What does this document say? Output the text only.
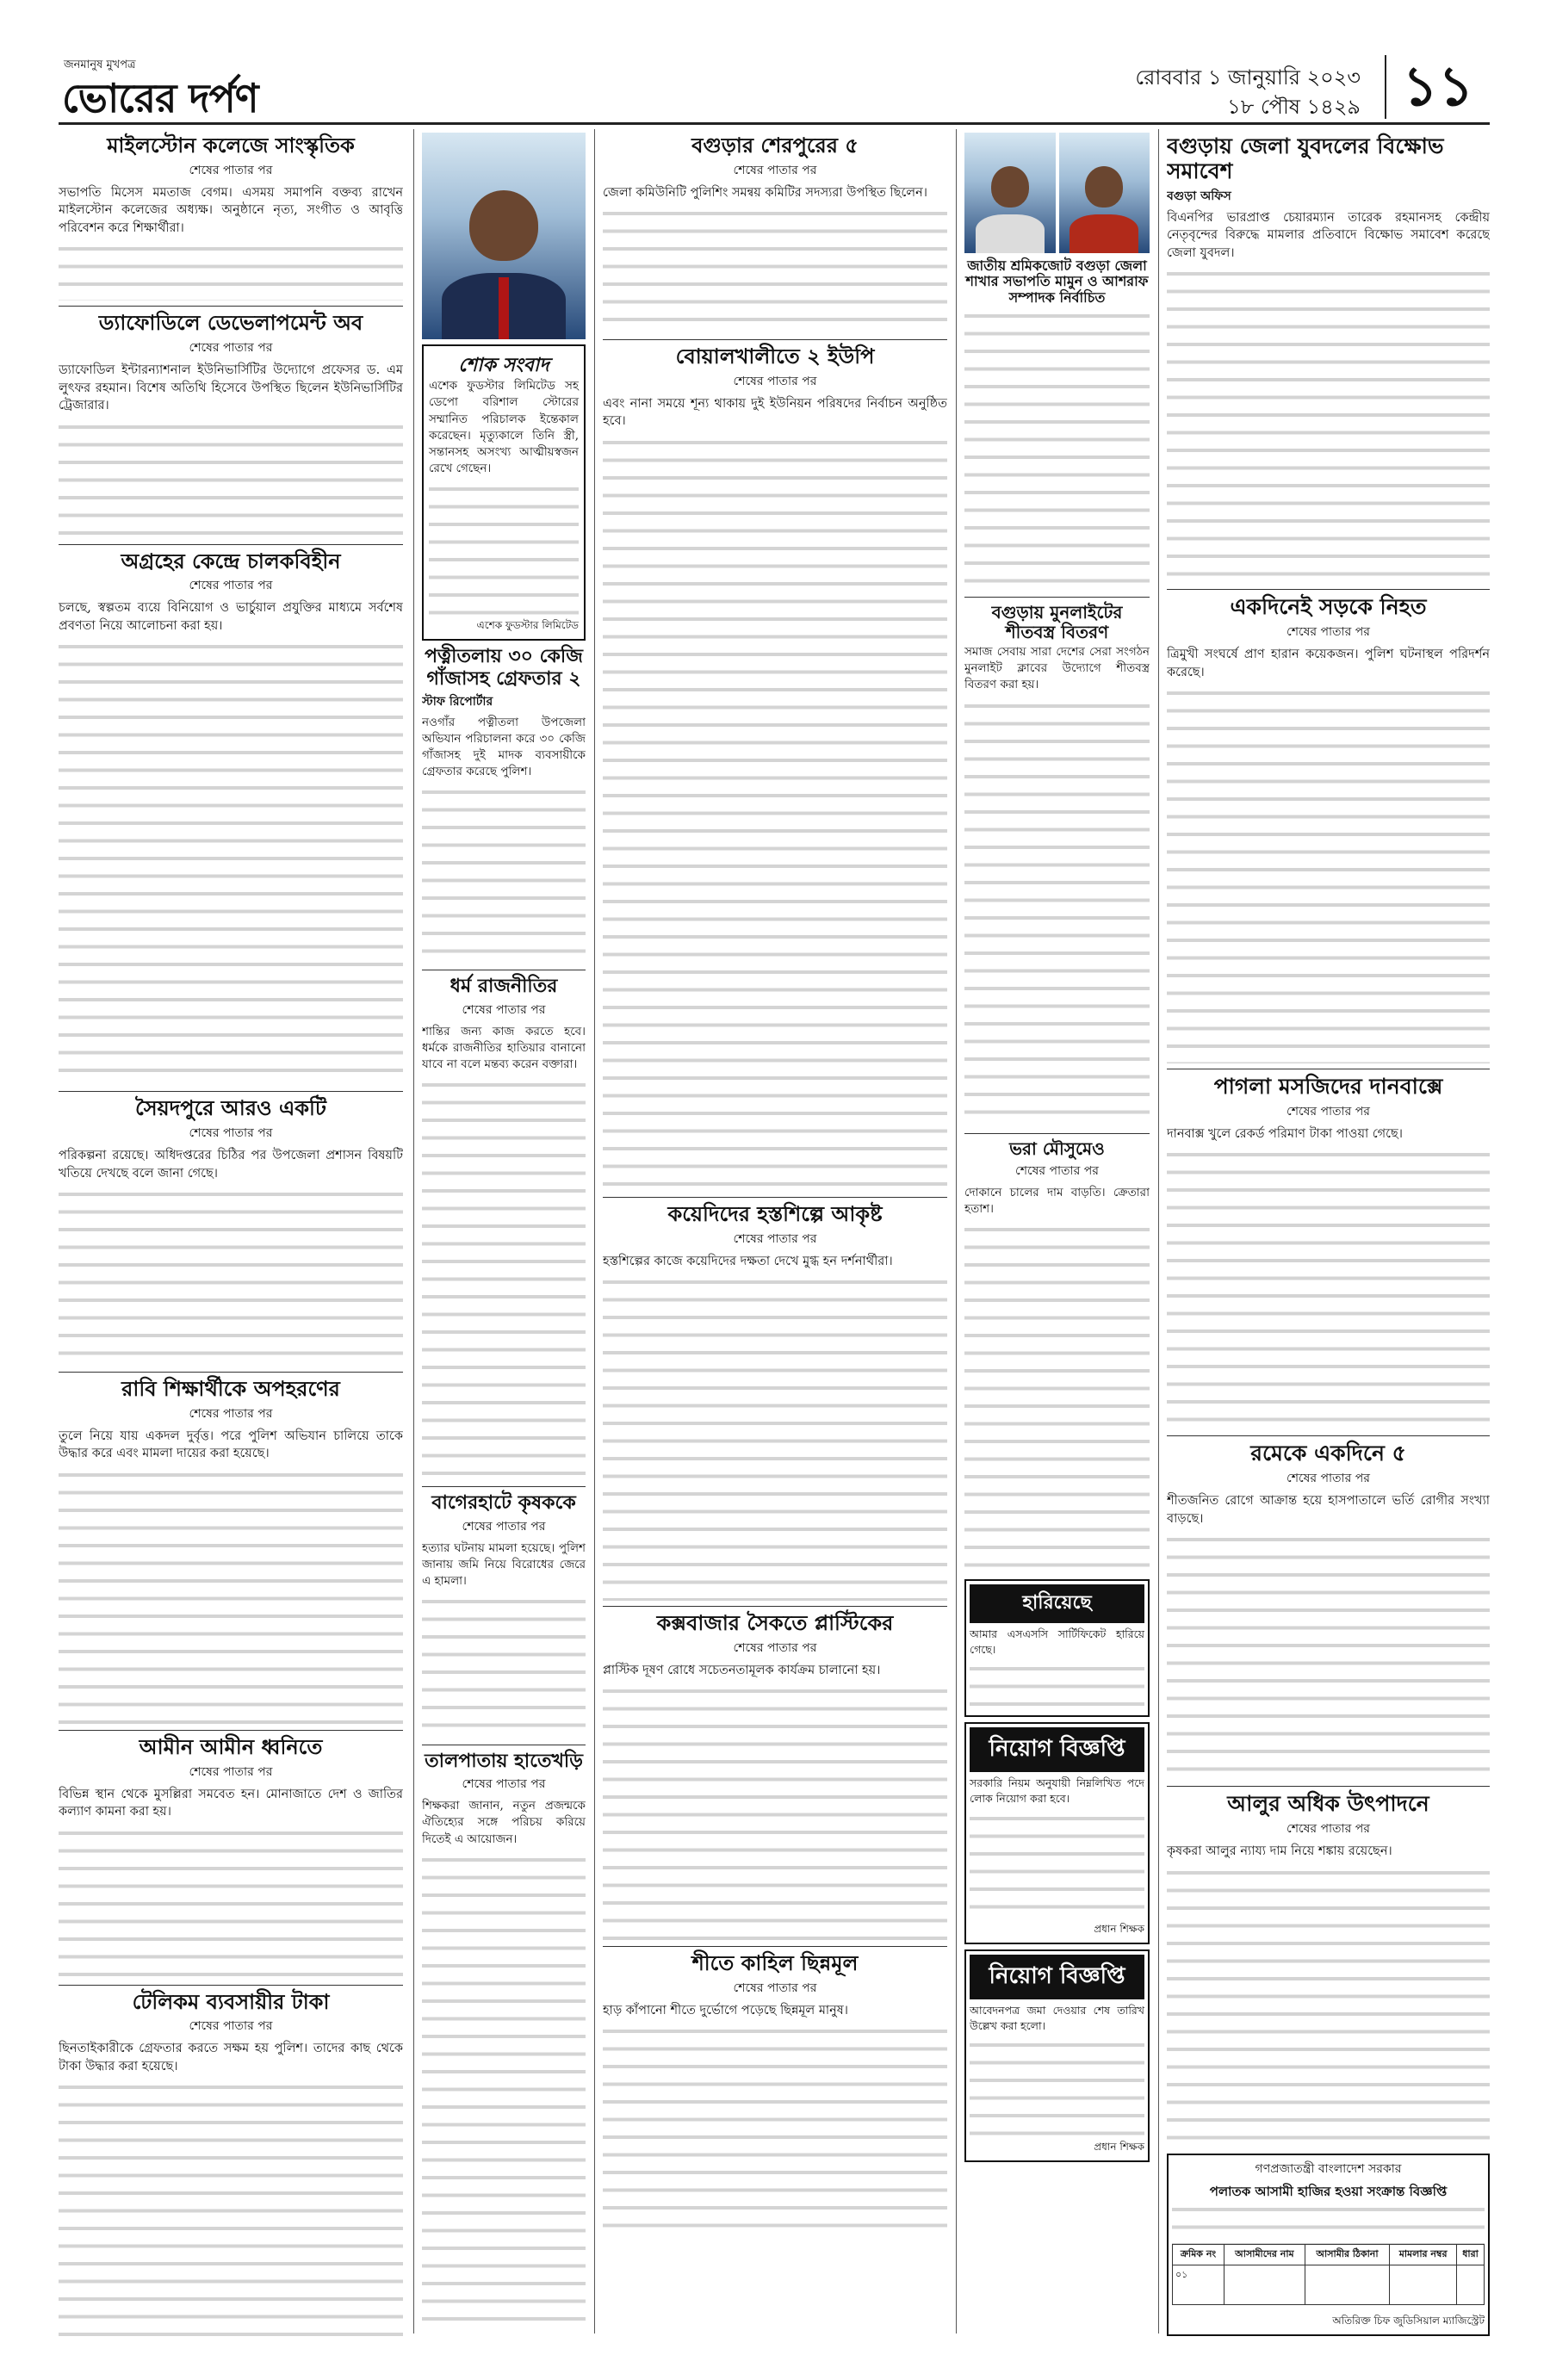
জনমানুষ মুখপত্র
ভোরের দর্পণ	রোববার ১ জানুয়ারি ২০২৩
১৮ পৌষ ১৪২৯ ১১
মাইলস্টোন কলেজে সাংস্কৃতিক
শেষের পাতার পর
সভাপতি মিসেস মমতাজ বেগম। এসময় সমাপনি বক্তব্য রাখেন মাইলস্টোন কলেজের অধ্যক্ষ। অনুষ্ঠানে নৃত্য, সংগীত ও আবৃত্তি পরিবেশন করে শিক্ষার্থীরা।
ড্যাফোডিলে ডেভেলাপমেন্ট অব
শেষের পাতার পর
ড্যাফোডিল ইন্টারন্যাশনাল ইউনিভার্সিটির উদ্যোগে প্রফেসর ড. এম লুৎফর রহমান। বিশেষ অতিথি হিসেবে উপস্থিত ছিলেন ইউনিভার্সিটির ট্রেজারার।
অগ্রহের কেন্দ্রে চালকবিহীন
শেষের পাতার পর
চলছে, স্বল্পতম ব্যয়ে বিনিয়োগ ও ভার্চুয়াল প্রযুক্তির মাধ্যমে সর্বশেষ প্রবণতা নিয়ে আলোচনা করা হয়।
সৈয়দপুরে আরও একটি
শেষের পাতার পর
পরিকল্পনা রয়েছে। অধিদপ্তরের চিঠির পর উপজেলা প্রশাসন বিষয়টি খতিয়ে দেখছে বলে জানা গেছে।
রাবি শিক্ষার্থীকে অপহরণের
শেষের পাতার পর
তুলে নিয়ে যায় একদল দুর্বৃত্ত। পরে পুলিশ অভিযান চালিয়ে তাকে উদ্ধার করে এবং মামলা দায়ের করা হয়েছে।
আমীন আমীন ধ্বনিতে
শেষের পাতার পর
বিভিন্ন স্থান থেকে মুসল্লিরা সমবেত হন। মোনাজাতে দেশ ও জাতির কল্যাণ কামনা করা হয়।
টেলিকম ব্যবসায়ীর টাকা
শেষের পাতার পর
ছিনতাইকারীকে গ্রেফতার করতে সক্ষম হয় পুলিশ। তাদের কাছ থেকে টাকা উদ্ধার করা হয়েছে।
শোক সংবাদ
এশেক ফুডস্টার লিমিটেড সহ ডেপো বরিশাল স্টোরের সম্মানিত পরিচালক ইন্তেকাল করেছেন। মৃত্যুকালে তিনি স্ত্রী, সন্তানসহ অসংখ্য আত্মীয়স্বজন রেখে গেছেন।
এশেক ফুডস্টার লিমিটেড
পত্নীতলায় ৩০ কেজি গাঁজাসহ গ্রেফতার ২
স্টাফ রিপোর্টার
নওগাঁর পত্নীতলা উপজেলা অভিযান পরিচালনা করে ৩০ কেজি গাঁজাসহ দুই মাদক ব্যবসায়ীকে গ্রেফতার করেছে পুলিশ।
ধর্ম রাজনীতির
শেষের পাতার পর
শান্তির জন্য কাজ করতে হবে। ধর্মকে রাজনীতির হাতিয়ার বানানো যাবে না বলে মন্তব্য করেন বক্তারা।
বাগেরহাটে কৃষককে
শেষের পাতার পর
হত্যার ঘটনায় মামলা হয়েছে। পুলিশ জানায় জমি নিয়ে বিরোধের জেরে এ হামলা।
তালপাতায় হাতেখড়ি
শেষের পাতার পর
শিক্ষকরা জানান, নতুন প্রজন্মকে ঐতিহ্যের সঙ্গে পরিচয় করিয়ে দিতেই এ আয়োজন।
বগুড়ার শেরপুরের ৫
শেষের পাতার পর
জেলা কমিউনিটি পুলিশিং সমন্বয় কমিটির সদস্যরা উপস্থিত ছিলেন।
বোয়ালখালীতে ২ ইউপি
শেষের পাতার পর
এবং নানা সময়ে শূন্য থাকায় দুই ইউনিয়ন পরিষদের নির্বাচন অনুষ্ঠিত হবে।
কয়েদিদের হস্তশিল্পে আকৃষ্ট
শেষের পাতার পর
হস্তশিল্পের কাজে কয়েদিদের দক্ষতা দেখে মুগ্ধ হন দর্শনার্থীরা।
কক্সবাজার সৈকতে প্লাস্টিকের
শেষের পাতার পর
প্লাস্টিক দূষণ রোধে সচেতনতামূলক কার্যক্রম চালানো হয়।
শীতে কাহিল ছিন্নমূল
শেষের পাতার পর
হাড় কাঁপানো শীতে দুর্ভোগে পড়েছে ছিন্নমূল মানুষ।
জাতীয় শ্রমিকজোট বগুড়া জেলা শাখার সভাপতি মামুন ও আশরাফ সম্পাদক নির্বাচিত
বগুড়ায় মুনলাইটের শীতবস্ত্র বিতরণ
সমাজ সেবায় সারা দেশের সেরা সংগঠন মুনলাইট ক্লাবের উদ্যোগে শীতবস্ত্র বিতরণ করা হয়।
ভরা মৌসুমেও
শেষের পাতার পর
দোকানে চালের দাম বাড়তি। ক্রেতারা হতাশ।
হারিয়েছে
আমার এসএসসি সার্টিফিকেট হারিয়ে গেছে।
নিয়োগ বিজ্ঞপ্তি
সরকারি নিয়ম অনুযায়ী নিম্নলিখিত পদে লোক নিয়োগ করা হবে।
প্রধান শিক্ষক
নিয়োগ বিজ্ঞপ্তি
আবেদনপত্র জমা দেওয়ার শেষ তারিখ উল্লেখ করা হলো।
প্রধান শিক্ষক
বগুড়ায় জেলা যুবদলের বিক্ষোভ সমাবেশ
বগুড়া অফিস
বিএনপির ভারপ্রাপ্ত চেয়ারম্যান তারেক রহমানসহ কেন্দ্রীয় নেতৃবৃন্দের বিরুদ্ধে মামলার প্রতিবাদে বিক্ষোভ সমাবেশ করেছে জেলা যুবদল।
একদিনেই সড়কে নিহত
শেষের পাতার পর
ত্রিমুখী সংঘর্ষে প্রাণ হারান কয়েকজন। পুলিশ ঘটনাস্থল পরিদর্শন করেছে।
পাগলা মসজিদের দানবাক্সে
শেষের পাতার পর
দানবাক্স খুলে রেকর্ড পরিমাণ টাকা পাওয়া গেছে।
রমেকে একদিনে ৫
শেষের পাতার পর
শীতজনিত রোগে আক্রান্ত হয়ে হাসপাতালে ভর্তি রোগীর সংখ্যা বাড়ছে।
আলুর অধিক উৎপাদনে
শেষের পাতার পর
কৃষকরা আলুর ন্যায্য দাম নিয়ে শঙ্কায় রয়েছেন।
গণপ্রজাতন্ত্রী বাংলাদেশ সরকার
পলাতক আসামী হাজির হওয়া সংক্রান্ত বিজ্ঞপ্তি
ক্রমিক নং	আসামীদের নাম	আসামীর ঠিকানা	মামলার নম্বর	ধারা
০১				
অতিরিক্ত চিফ জুডিসিয়াল ম্যাজিস্ট্রেট
